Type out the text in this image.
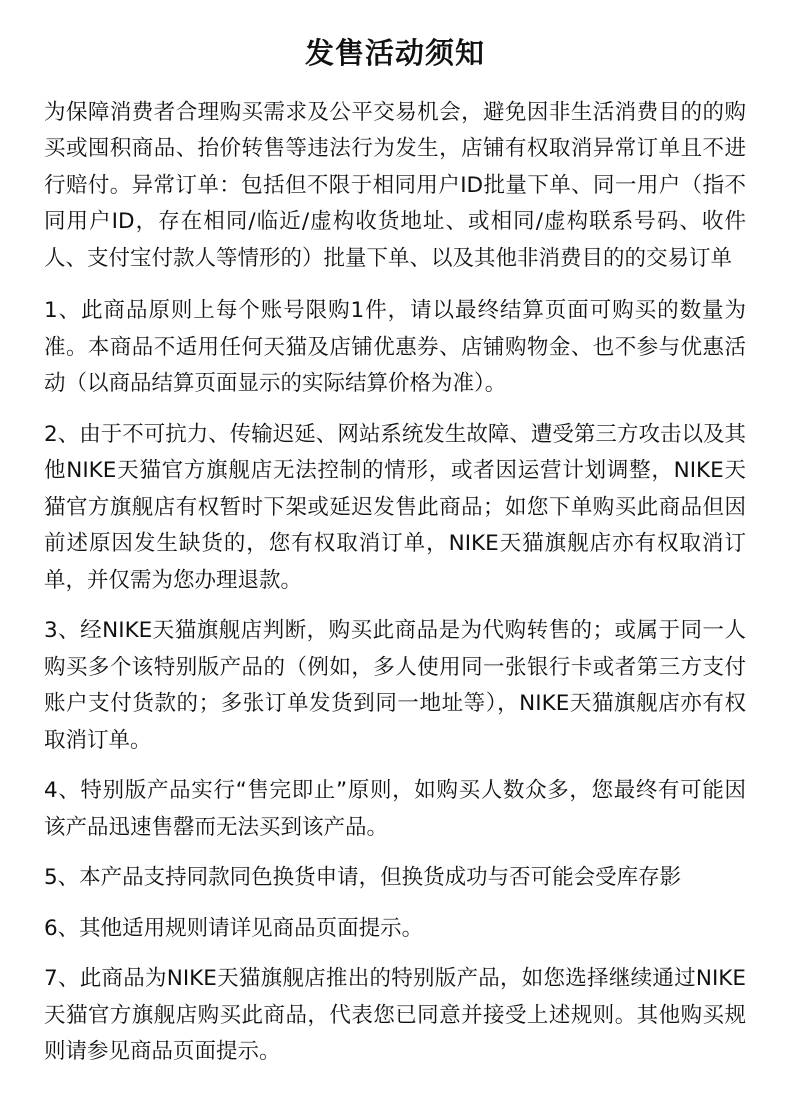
发售活动须知

为保障消费者合理购买需求及公平交易机会，避免因非生活消费目的的购买或囤积商品、抬价转售等违法行为发生，店铺有权取消异常订单且不进行赔付。异常订单：包括但不限于相同用户ID批量下单、同一用户（指不同用户ID，存在相同/临近/虚构收货地址、或相同/虚构联系号码、收件人、支付宝付款人等情形的）批量下单、以及其他非消费目的的交易订单

1、此商品原则上每个账号限购1件，请以最终结算页面可购买的数量为准。本商品不适用任何天猫及店铺优惠券、店铺购物金、也不参与优惠活动（以商品结算页面显示的实际结算价格为准）。

2、由于不可抗力、传输迟延、网站系统发生故障、遭受第三方攻击以及其他NIKE天猫官方旗舰店无法控制的情形，或者因运营计划调整，NIKE天猫官方旗舰店有权暂时下架或延迟发售此商品；如您下单购买此商品但因前述原因发生缺货的，您有权取消订单，NIKE天猫旗舰店亦有权取消订单，并仅需为您办理退款。

3、经NIKE天猫旗舰店判断，购买此商品是为代购转售的；或属于同一人购买多个该特别版产品的（例如，多人使用同一张银行卡或者第三方支付账户支付货款的；多张订单发货到同一地址等），NIKE天猫旗舰店亦有权取消订单。

4、特别版产品实行“售完即止”原则，如购买人数众多，您最终有可能因该产品迅速售罄而无法买到该产品。

5、本产品支持同款同色换货申请，但换货成功与否可能会受库存影

6、其他适用规则请详见商品页面提示。

7、此商品为NIKE天猫旗舰店推出的特别版产品，如您选择继续通过NIKE天猫官方旗舰店购买此商品，代表您已同意并接受上述规则。其他购买规则请参见商品页面提示。
